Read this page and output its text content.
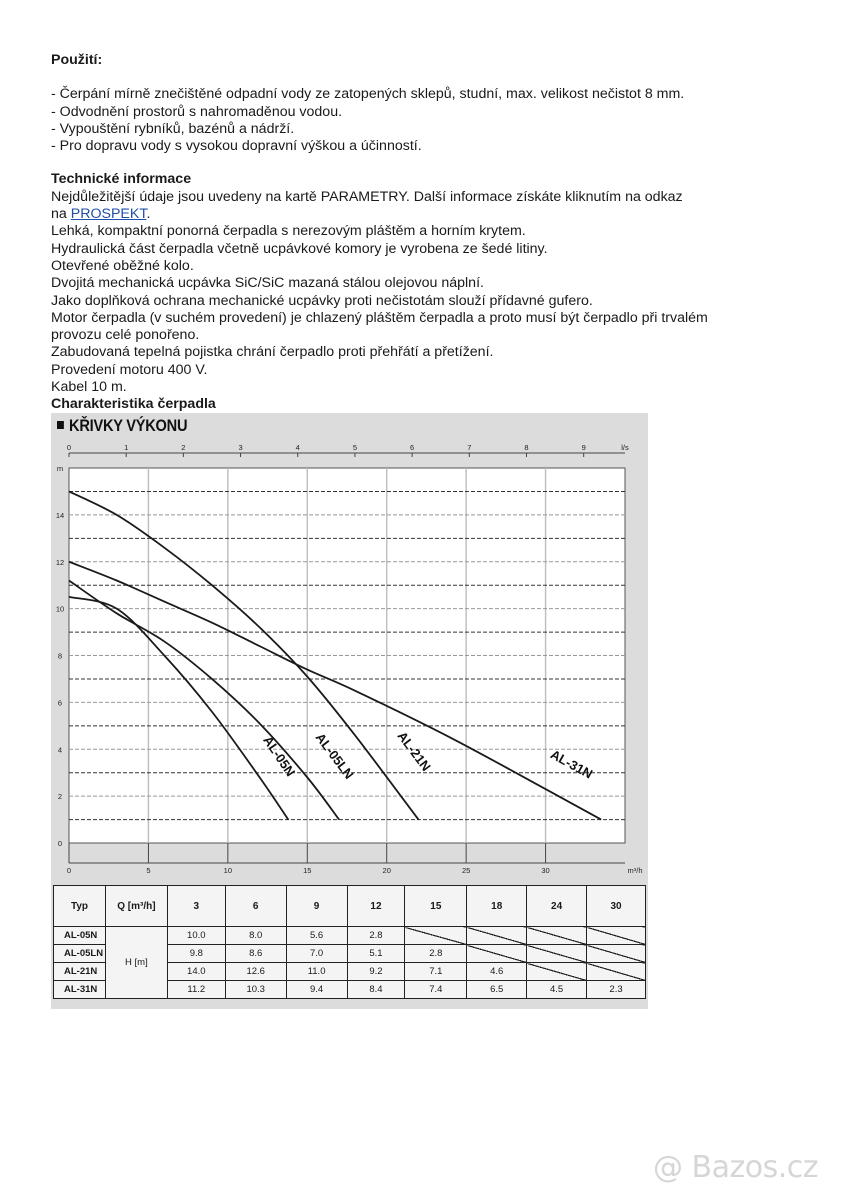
Použití:

- Čerpání mírně znečištěné odpadní vody ze zatopených sklepů, studní, max. velikost nečistot 8 mm.

- Odvodnění prostorů s nahromaděnou vodou.

- Vypouštění rybníků, bazénů a nádrží.

- Pro dopravu vody s vysokou dopravní výškou a účinností.

Technické informace

Nejdůležitější údaje jsou uvedeny na kartě PARAMETRY. Další informace získáte kliknutím na odkaz

na PROSPEKT.

Lehká, kompaktní ponorná čerpadla s nerezovým pláštěm a horním krytem.

Hydraulická část čerpadla včetně ucpávkové komory je vyrobena ze šedé litiny.

Otevřené oběžné kolo.

Dvojitá mechanická ucpávka SiC/SiC mazaná stálou olejovou náplní.

Jako doplňková ochrana mechanické ucpávky proti nečistotám slouží přídavné gufero.

Motor čerpadla (v suchém provedení) je chlazený pláštěm čerpadla a proto musí být čerpadlo při trvalém

provozu celé ponořeno.

Zabudovaná tepelná pojistka chrání čerpadlo proti přehřátí a přetížení.

Provedení motoru 400 V.

Kabel 10 m.

Charakteristika čerpadla

KŘIVKY VÝKONU
0	5	10	15	20	25	30	m³/h
0	1	2	3	4	5	6	7	8	9	l/s
0
2
4
6
8
10
12
14
m
AL-05N AL-05LN	AL-21N	AL-31N
Typ	Q [m³/h]	3	6	9	12	15	18	24	30
AL-05N	H [m]	10.0	8.0	5.6	2.8				
AL-05LN		9.8	8.6	7.0	5.1	2.8			
AL-21N		14.0	12.6	11.0	9.2	7.1	4.6		
AL-31N		11.2	10.3	9.4	8.4	7.4	6.5	4.5	2.3
@ Bazos.cz
